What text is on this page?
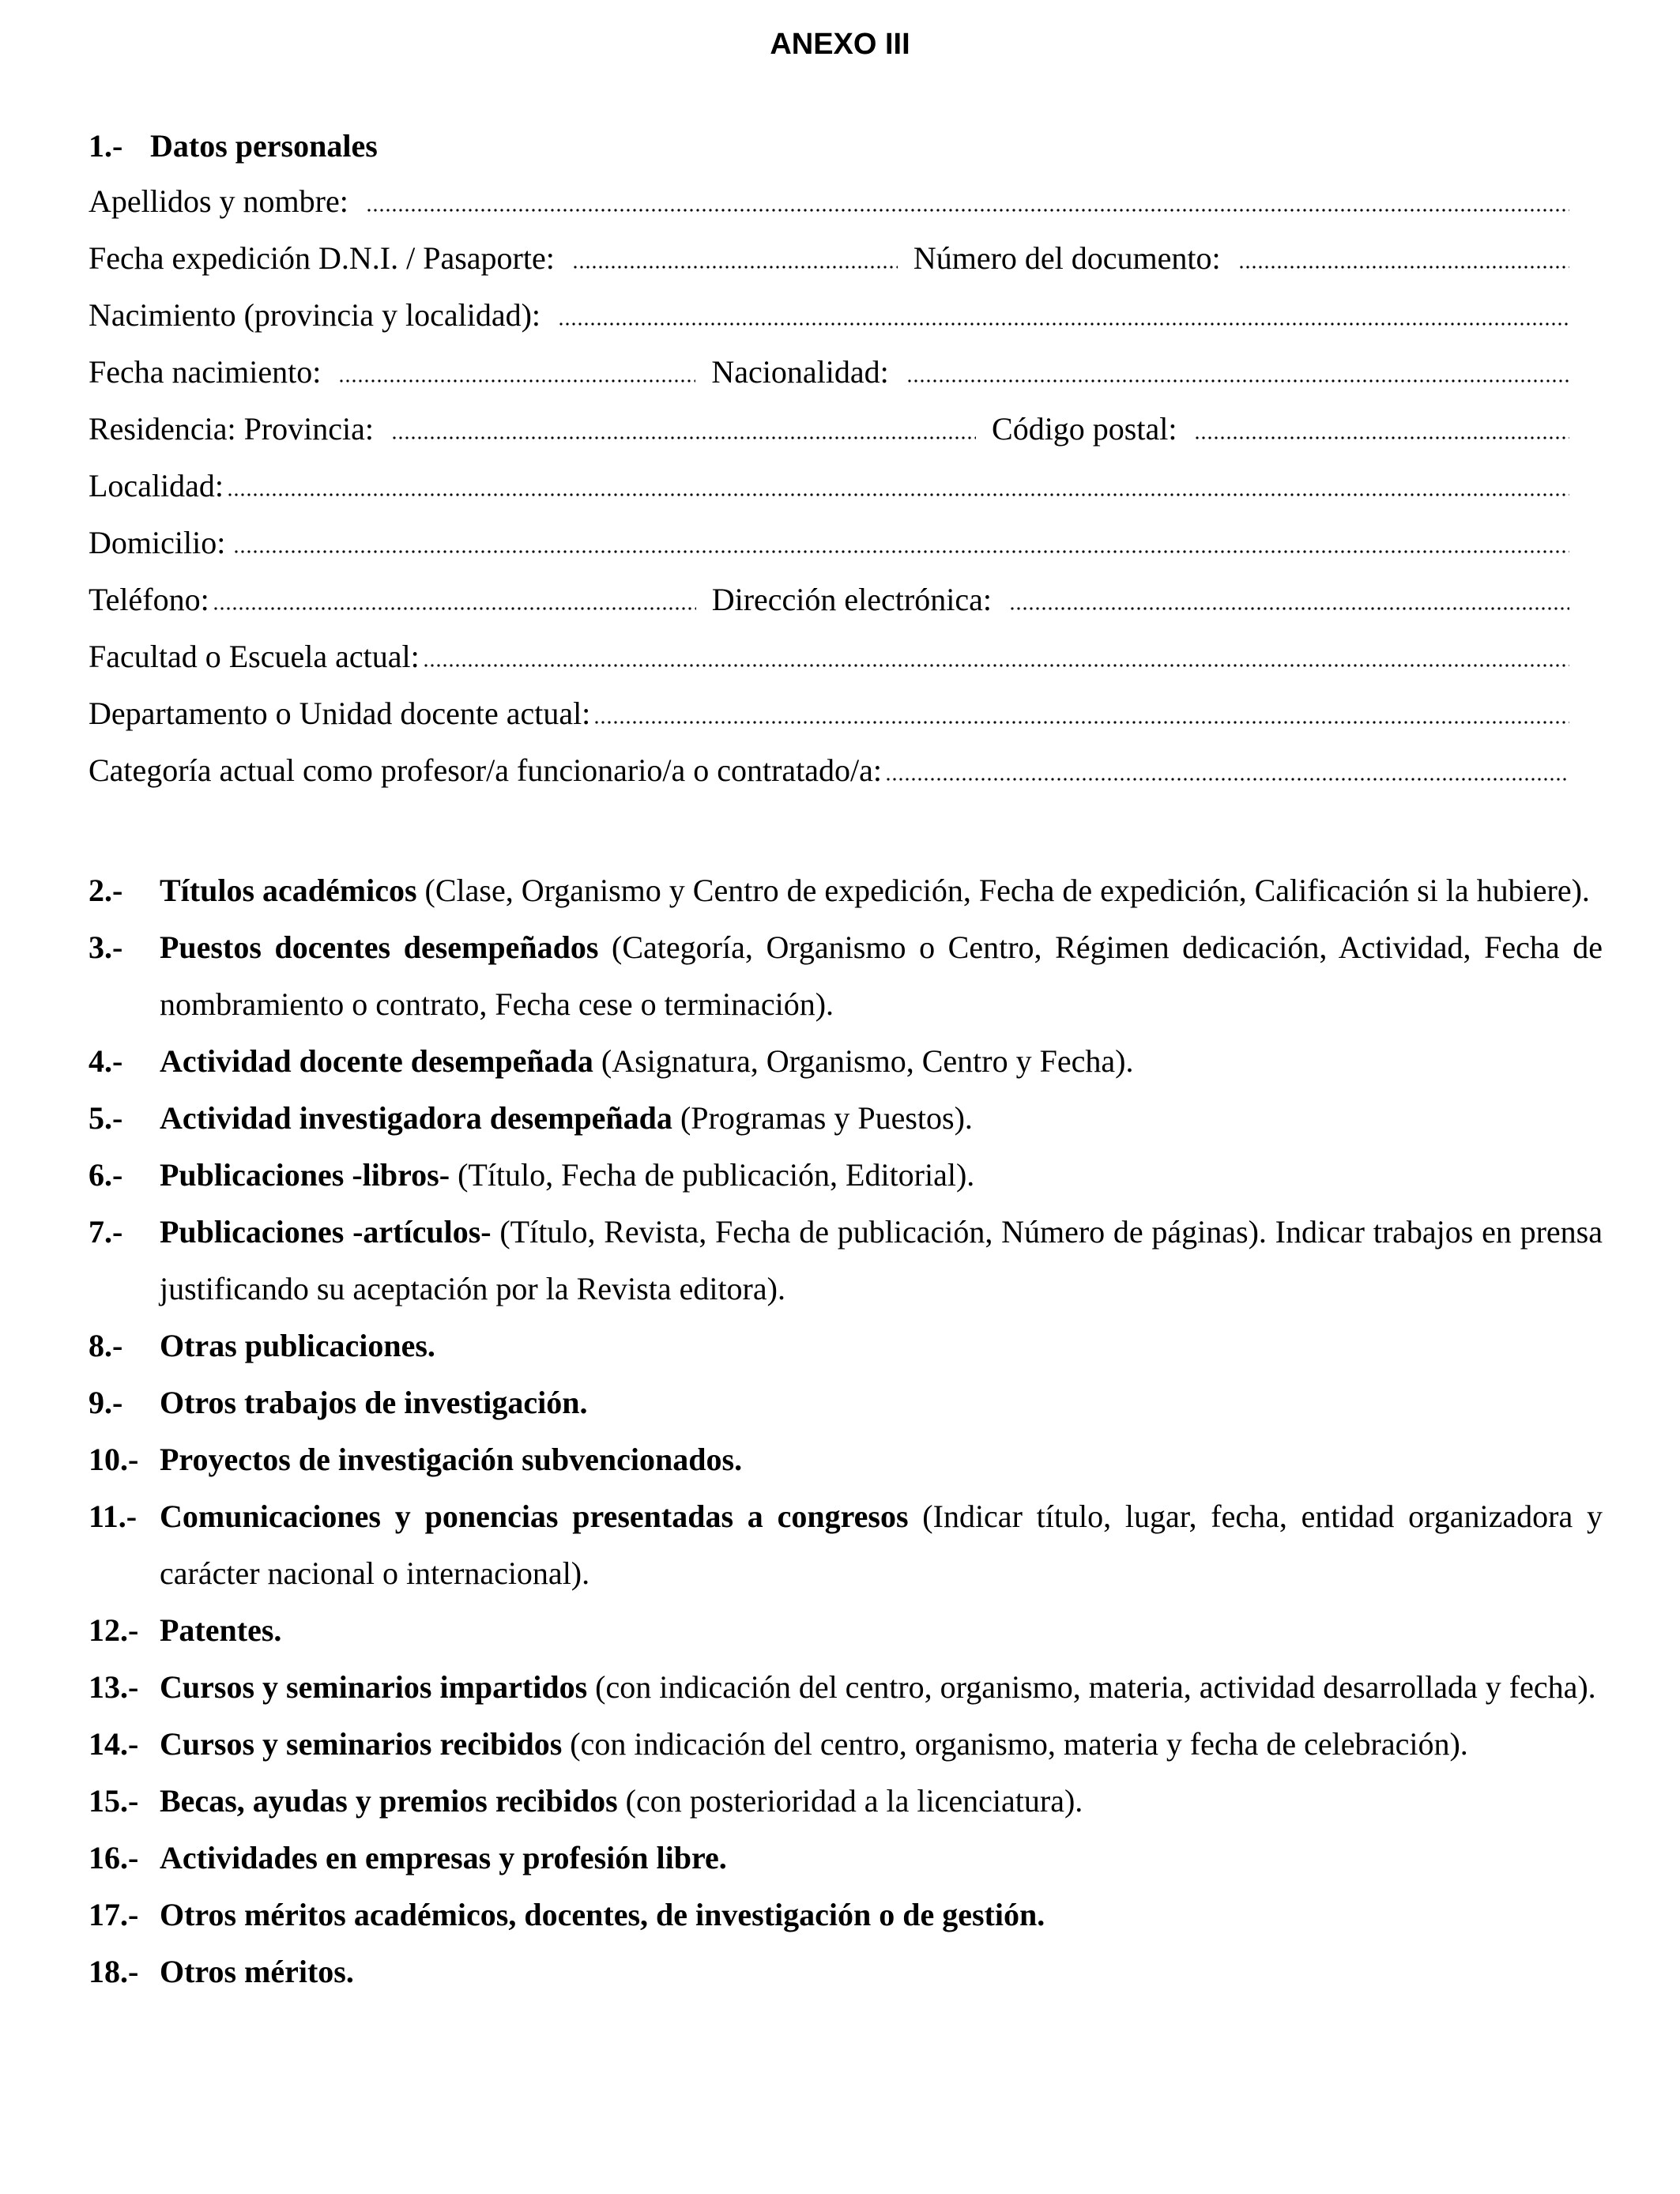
ANEXO III
1.- Datos personales
Apellidos y nombre:
Fecha expedición D.N.I. / Pasaporte:	Número del documento:
Nacimiento (provincia y localidad):
Fecha nacimiento:	Nacionalidad:
Residencia: Provincia:	Código postal:
Localidad:
Domicilio:
Teléfono:	Dirección electrónica:
Facultad o Escuela actual:
Departamento o Unidad docente actual:
Categoría actual como profesor/a funcionario/a o contratado/a:
2.-	Títulos académicos (Clase, Organismo y Centro de expedición, Fecha de expedición, Calificación si la hubiere).
3.-	Puestos docentes desempeñados (Categoría, Organismo o Centro, Régimen dedicación, Actividad, Fecha de nombramiento o contrato, Fecha cese o terminación).
4.-	Actividad docente desempeñada (Asignatura, Organismo, Centro y Fecha).
5.-	Actividad investigadora desempeñada (Programas y Puestos).
6.-	Publicaciones -libros- (Título, Fecha de publicación, Editorial).
7.-	Publicaciones -artículos- (Título, Revista, Fecha de publicación, Número de páginas). Indicar trabajos en prensa justificando su aceptación por la Revista editora).
8.-	Otras publicaciones.
9.-	Otros trabajos de investigación.
10.- Proyectos de investigación subvencionados.
11.- Comunicaciones y ponencias presentadas a congresos (Indicar título, lugar, fecha, entidad organizadora y carácter nacional o internacional).
12.- Patentes.
13.- Cursos y seminarios impartidos (con indicación del centro, organismo, materia, actividad desarrollada y fecha).
14.- Cursos y seminarios recibidos (con indicación del centro, organismo, materia y fecha de celebración).
15.- Becas, ayudas y premios recibidos (con posterioridad a la licenciatura).
16.- Actividades en empresas y profesión libre.
17.- Otros méritos académicos, docentes, de investigación o de gestión.
18.- Otros méritos.
